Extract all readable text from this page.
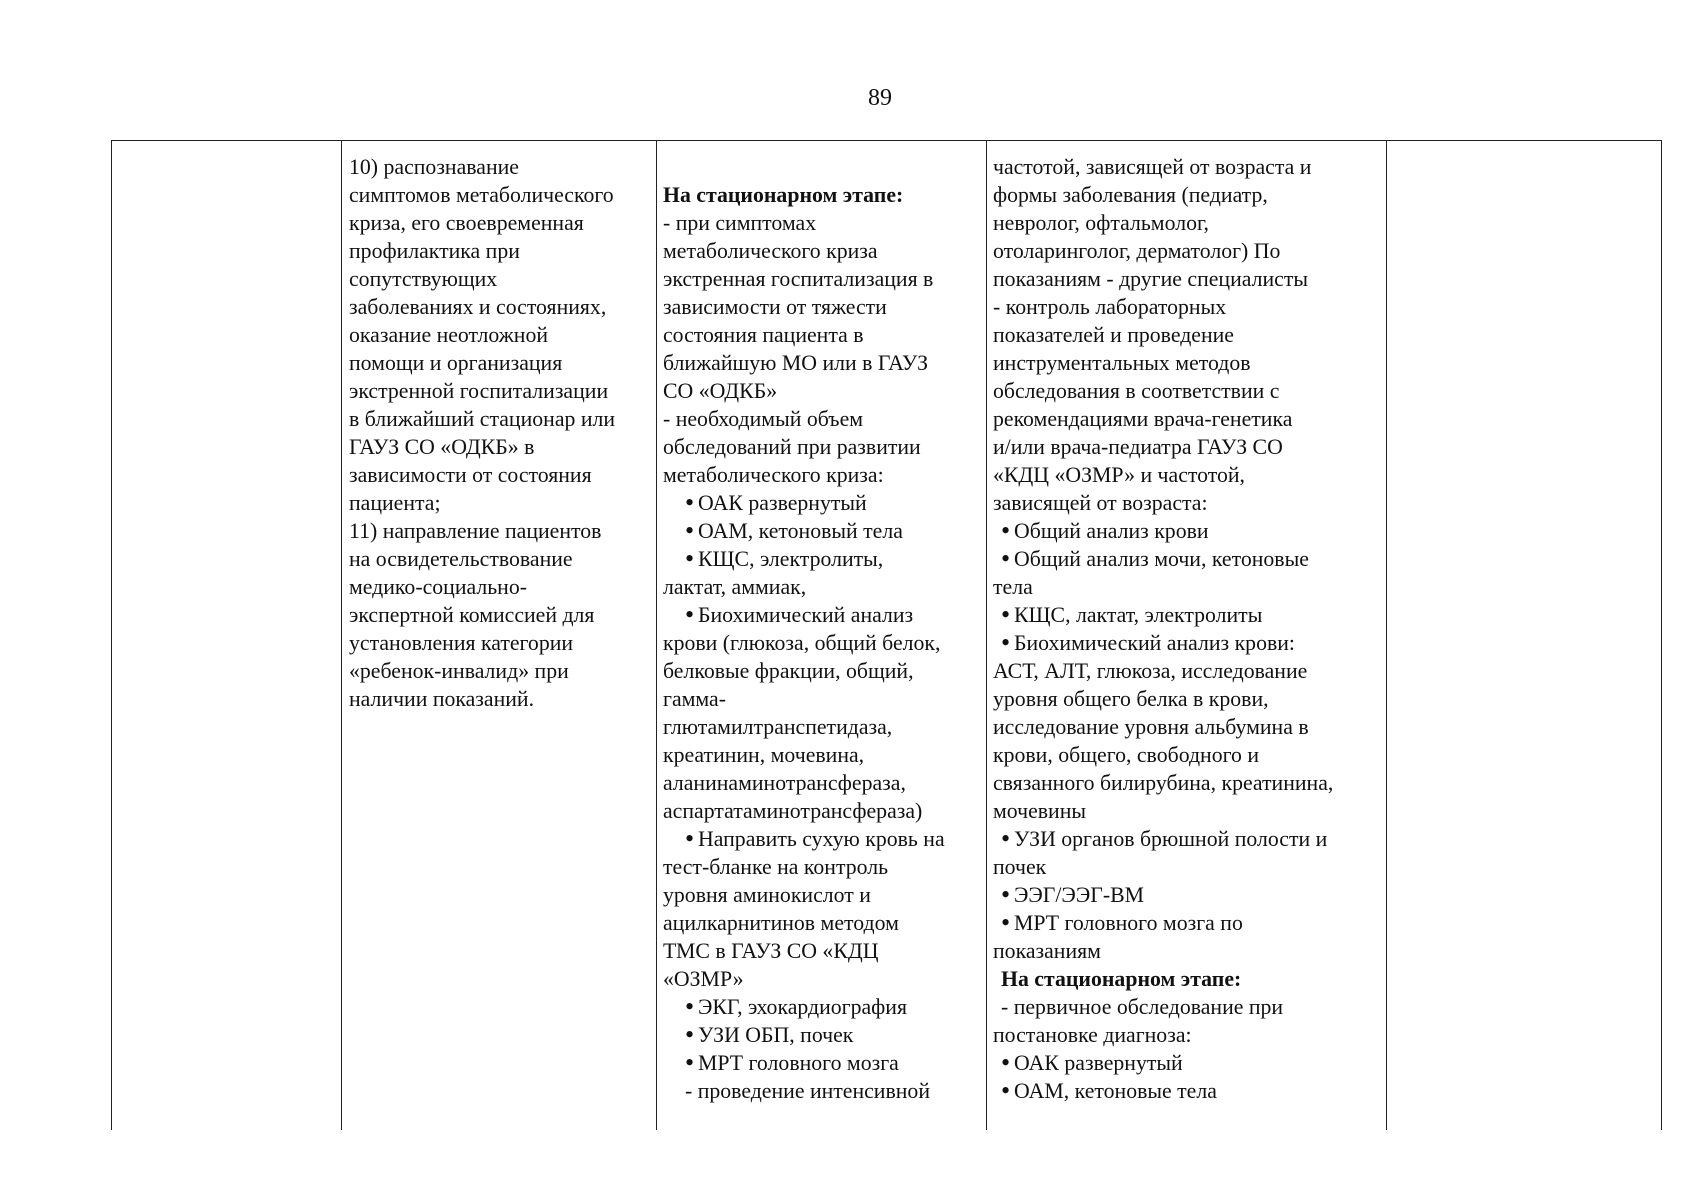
89
10) распознавание
симптомов метаболического
криза, его своевременная
профилактика при
сопутствующих
заболеваниях и состояниях,
оказание неотложной
помощи и организация
экстренной госпитализации
в ближайший стационар или
ГАУЗ СО «ОДКБ» в
зависимости от состояния
пациента;
11) направление пациентов
на освидетельствование
медико-социально-
экспертной комиссией для
установления категории
«ребенок-инвалид» при
наличии показаний.
На стационарном этапе:
- при симптомах
метаболического криза
экстренная госпитализация в
зависимости от тяжести
состояния пациента в
ближайшую МО или в ГАУЗ
СО «ОДКБ»
- необходимый объем
обследований при развитии
метаболического криза:
• ОАК развернутый
• ОАМ, кетоновый тела
• КЩС, электролиты,
лактат, аммиак,
• Биохимический анализ
крови (глюкоза, общий белок,
белковые фракции, общий,
гамма-
глютамилтранспетидаза,
креатинин, мочевина,
аланинаминотрансфераза,
аспартатаминотрансфераза)
• Направить сухую кровь на
тест-бланке на контроль
уровня аминокислот и
ацилкарнитинов методом
ТМС в ГАУЗ СО «КДЦ
«ОЗМР»
• ЭКГ, эхокардиография
• УЗИ ОБП, почек
• МРТ головного мозга
- проведение интенсивной
частотой, зависящей от возраста и
формы заболевания (педиатр,
невролог, офтальмолог,
отоларинголог, дерматолог) По
показаниям - другие специалисты
- контроль лабораторных
показателей и проведение
инструментальных методов
обследования в соответствии с
рекомендациями врача-генетика
и/или врача-педиатра ГАУЗ СО
«КДЦ «ОЗМР» и частотой,
зависящей от возраста:
• Общий анализ крови
• Общий анализ мочи, кетоновые
тела
• КЩС, лактат, электролиты
• Биохимический анализ крови:
АСТ, АЛТ, глюкоза, исследование
уровня общего белка в крови,
исследование уровня альбумина в
крови, общего, свободного и
связанного билирубина, креатинина,
мочевины
• УЗИ органов брюшной полости и
почек
• ЭЭГ/ЭЭГ-ВМ
• МРТ головного мозга по
показаниям
На стационарном этапе:
- первичное обследование при
постановке диагноза:
• ОАК развернутый
• ОАМ, кетоновые тела
